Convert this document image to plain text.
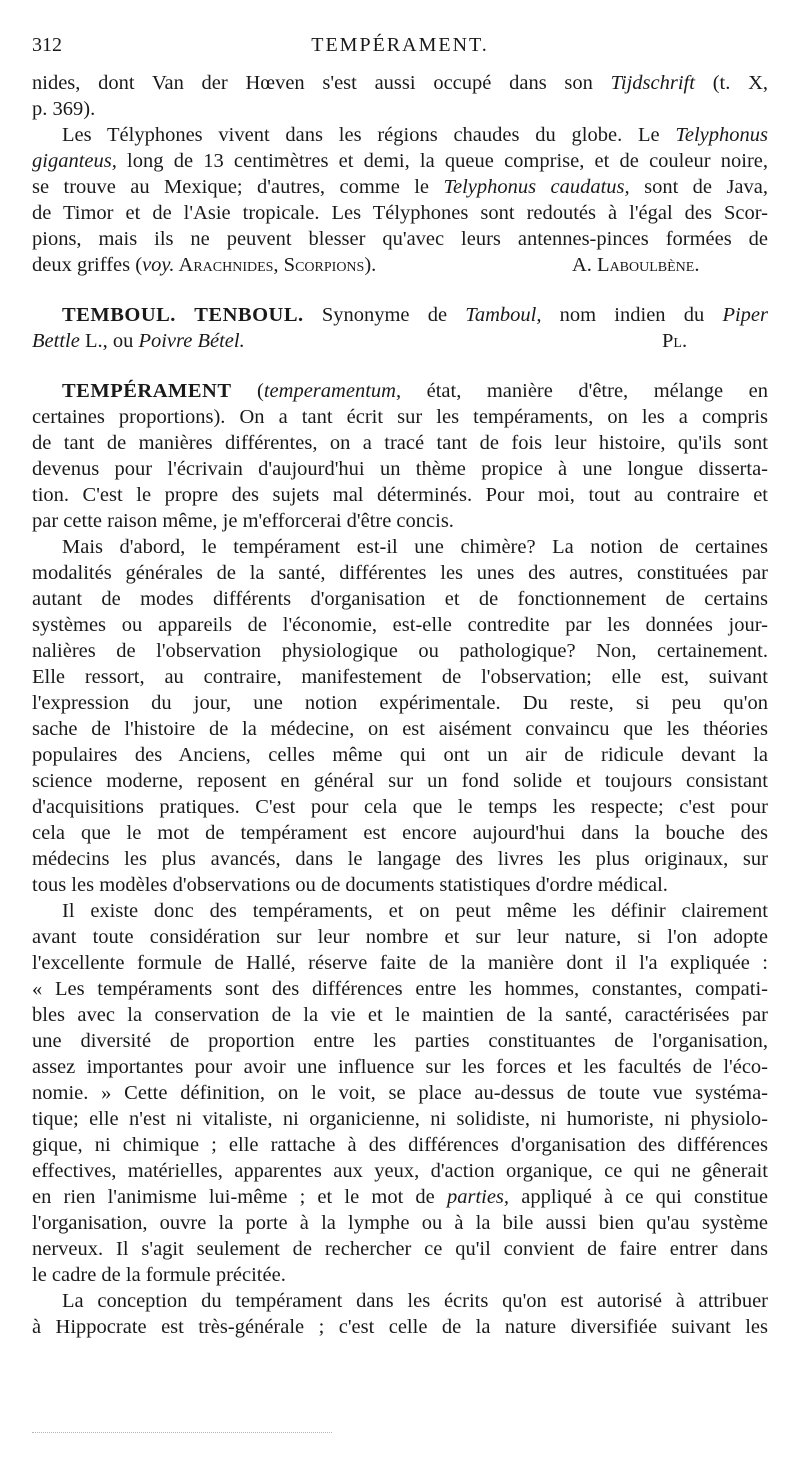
312	TEMPÉRAMENT.
nides, dont Van der Hœven s'est aussi occupé dans son Tijdschrift (t. X,
p. 369).
Les Télyphones vivent dans les régions chaudes du globe. Le Telyphonus
giganteus, long de 13 centimètres et demi, la queue comprise, et de couleur noire,
se trouve au Mexique; d'autres, comme le Telyphonus caudatus, sont de Java,
de Timor et de l'Asie tropicale. Les Télyphones sont redoutés à l'égal des Scor-
pions, mais ils ne peuvent blesser qu'avec leurs antennes-pinces formées de
deux griffes (voy. Arachnides, Scorpions).	A. Laboulbène.
TEMBOUL. TENBOUL. Synonyme de Tamboul, nom indien du Piper
Bettle L., ou Poivre Bétel.	Pl.
TEMPÉRAMENT (temperamentum, état, manière d'être, mélange en
certaines proportions). On a tant écrit sur les tempéraments, on les a compris
de tant de manières différentes, on a tracé tant de fois leur histoire, qu'ils sont
devenus pour l'écrivain d'aujourd'hui un thème propice à une longue disserta-
tion. C'est le propre des sujets mal déterminés. Pour moi, tout au contraire et
par cette raison même, je m'efforcerai d'être concis.
Mais d'abord, le tempérament est-il une chimère? La notion de certaines
modalités générales de la santé, différentes les unes des autres, constituées par
autant de modes différents d'organisation et de fonctionnement de certains
systèmes ou appareils de l'économie, est-elle contredite par les données jour-
nalières de l'observation physiologique ou pathologique? Non, certainement.
Elle ressort, au contraire, manifestement de l'observation; elle est, suivant
l'expression du jour, une notion expérimentale. Du reste, si peu qu'on
sache de l'histoire de la médecine, on est aisément convaincu que les théories
populaires des Anciens, celles même qui ont un air de ridicule devant la
science moderne, reposent en général sur un fond solide et toujours consistant
d'acquisitions pratiques. C'est pour cela que le temps les respecte; c'est pour
cela que le mot de tempérament est encore aujourd'hui dans la bouche des
médecins les plus avancés, dans le langage des livres les plus originaux, sur
tous les modèles d'observations ou de documents statistiques d'ordre médical.
Il existe donc des tempéraments, et on peut même les définir clairement
avant toute considération sur leur nombre et sur leur nature, si l'on adopte
l'excellente formule de Hallé, réserve faite de la manière dont il l'a expliquée :
« Les tempéraments sont des différences entre les hommes, constantes, compati-
bles avec la conservation de la vie et le maintien de la santé, caractérisées par
une diversité de proportion entre les parties constituantes de l'organisation,
assez importantes pour avoir une influence sur les forces et les facultés de l'éco-
nomie. » Cette définition, on le voit, se place au-dessus de toute vue systéma-
tique; elle n'est ni vitaliste, ni organicienne, ni solidiste, ni humoriste, ni physiolo-
gique, ni chimique ; elle rattache à des différences d'organisation des différences
effectives, matérielles, apparentes aux yeux, d'action organique, ce qui ne gênerait
en rien l'animisme lui-même ; et le mot de parties, appliqué à ce qui constitue
l'organisation, ouvre la porte à la lymphe ou à la bile aussi bien qu'au système
nerveux. Il s'agit seulement de rechercher ce qu'il convient de faire entrer dans
le cadre de la formule précitée.
La conception du tempérament dans les écrits qu'on est autorisé à attribuer
à Hippocrate est très-générale ; c'est celle de la nature diversifiée suivant les
